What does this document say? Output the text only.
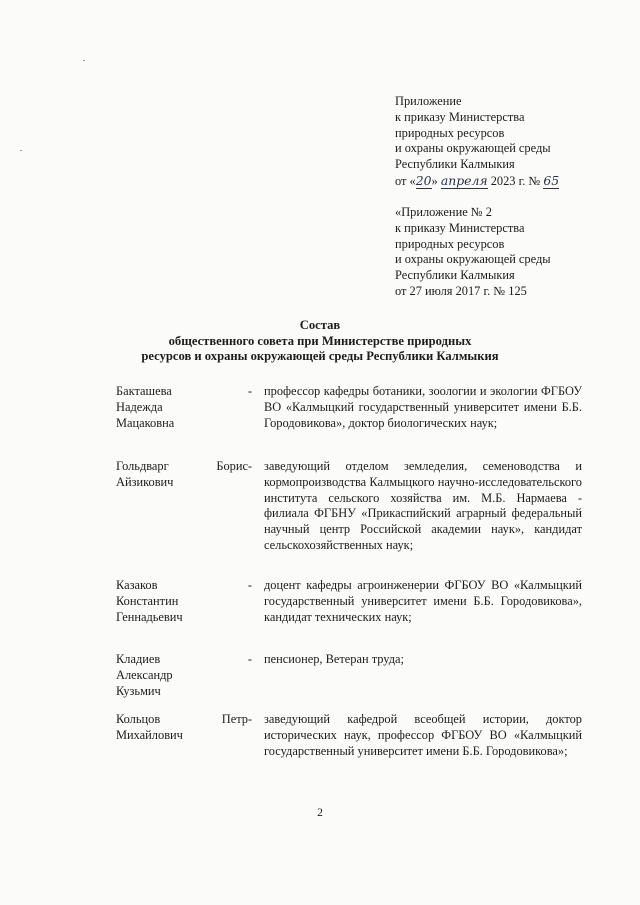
Приложение
к приказу Министерства
природных ресурсов
и охраны окружающей среды
Республики Калмыкия
от «20» апреля 2023 г. № 65
«Приложение № 2
к приказу Министерства
природных ресурсов
и охраны окружающей среды
Республики Калмыкия
от 27 июля 2017 г. № 125
Состав
общественного совета при Министерстве природных
ресурсов и охраны окружающей среды Республики Калмыкия
Бакташева
Надежда
Мацаковна
- профессор кафедры ботаники, зоологии и экологии ФГБОУ ВО «Калмыцкий государственный университет имени Б.Б. Городовикова», доктор биологических наук;
Гольдварг	Борис
Айзикович
- заведующий отделом земледелия, семеноводства и кормопроизводства Калмыцкого научно-исследовательского института сельского хозяйства им. М.Б. Нармаева - филиала ФГБНУ «Прикаспийский аграрный федеральный научный центр Российской академии наук», кандидат сельскохозяйственных наук;
Казаков
Константин
Геннадьевич
- доцент кафедры агроинженерии ФГБОУ ВО «Калмыцкий государственный университет имени Б.Б. Городовикова», кандидат технических наук;
Кладиев
Александр
Кузьмич
- пенсионер, Ветеран труда;
Кольцов	Петр
Михайлович
- заведующий кафедрой всеобщей истории, доктор исторических наук, профессор ФГБОУ ВО «Калмыцкий государственный университет имени Б.Б. Городовикова»;
2
